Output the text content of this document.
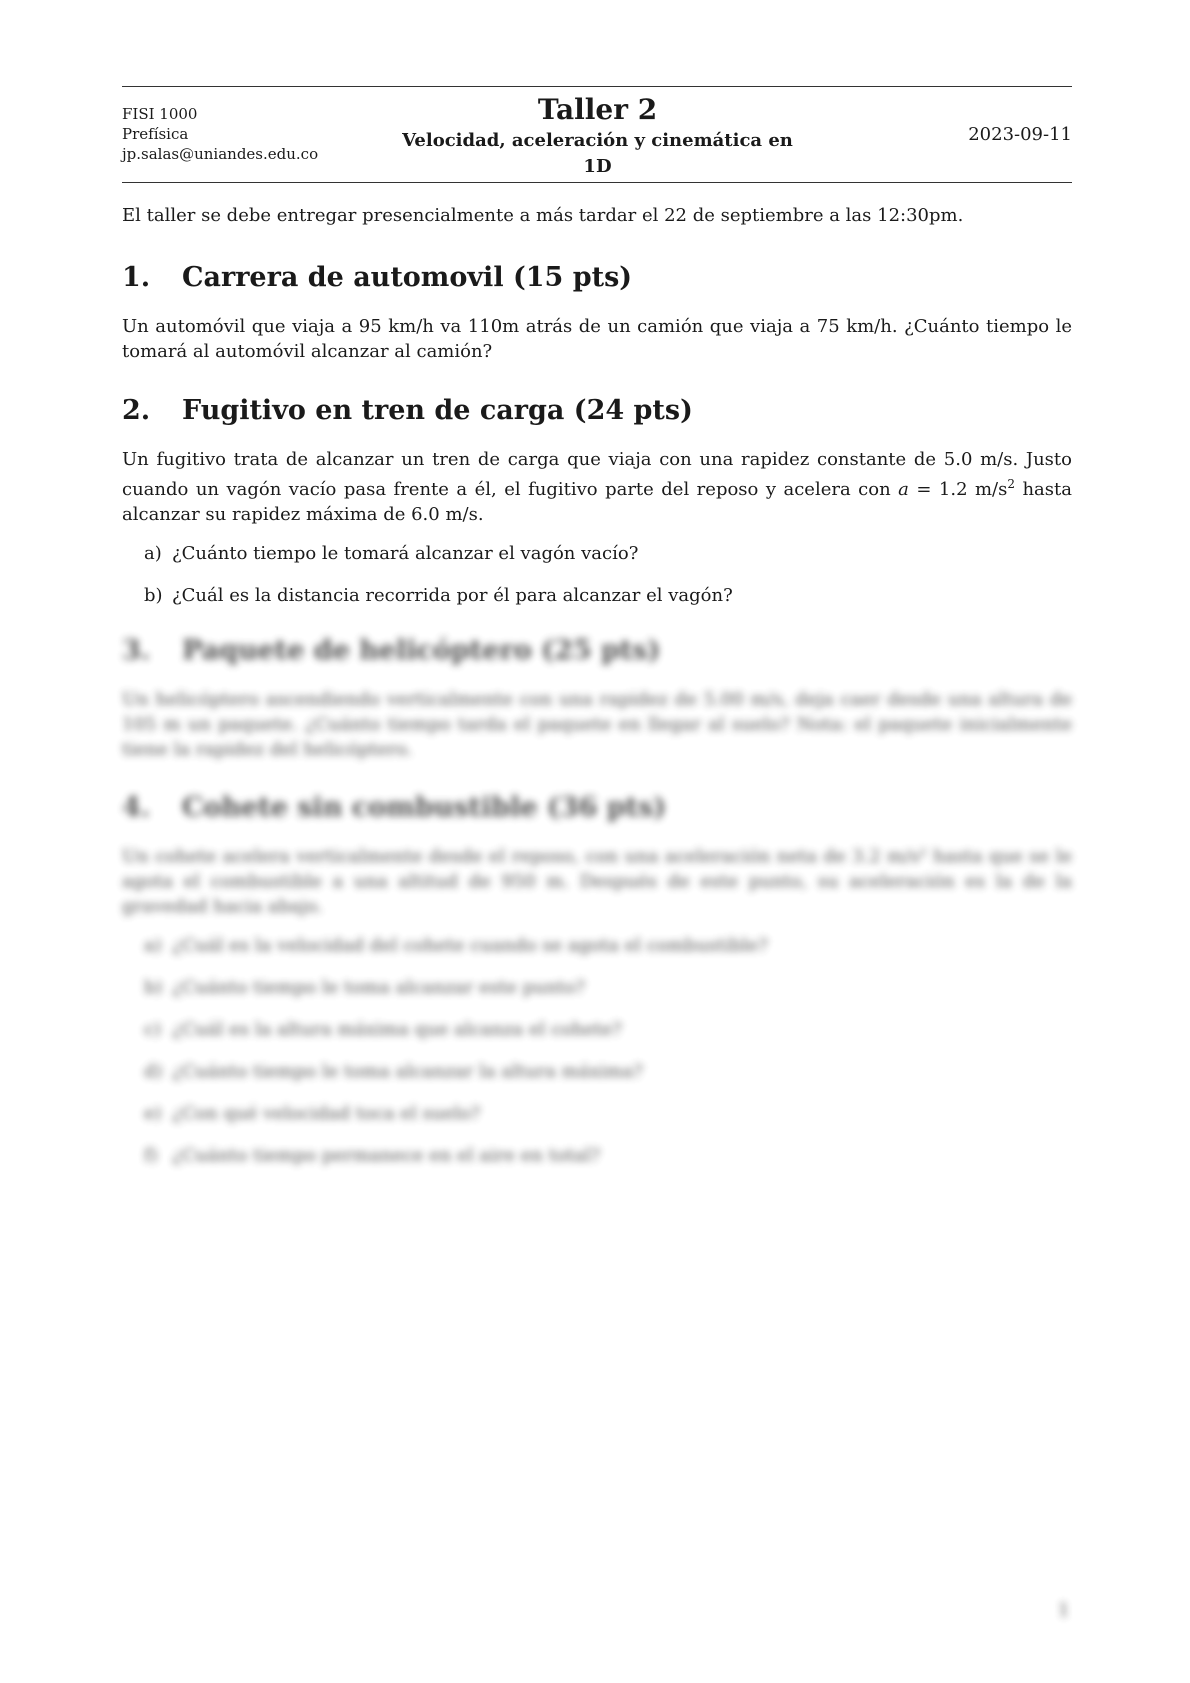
FISI 1000
Prefísica
jp.salas@uniandes.edu.co
Taller 2
Velocidad, aceleración y cinemática en
1D
2023-09-11
El taller se debe entregar presencialmente a más tardar el 22 de septiembre a las 12:30pm.
1. Carrera de automovil (15 pts)
Un automóvil que viaja a 95 km/h va 110m atrás de un camión que viaja a 75 km/h. ¿Cuánto tiempo le tomará al automóvil alcanzar al camión?
2. Fugitivo en tren de carga (24 pts)
Un fugitivo trata de alcanzar un tren de carga que viaja con una rapidez constante de 5.0 m/s. Justo cuando un vagón vacío pasa frente a él, el fugitivo parte del reposo y acelera con a = 1.2 $m/s^2$ hasta alcanzar su rapidez máxima de 6.0 m/s.
a) ¿Cuánto tiempo le tomará alcanzar el vagón vacío?
b) ¿Cuál es la distancia recorrida por él para alcanzar el vagón?
3. Paquete de helicóptero (25 pts)
Un helicóptero ascendiendo verticalmente con una rapidez de 5.00 m/s, deja caer desde una altura de 105 m un paquete. ¿Cuánto tiempo tarda el paquete en llegar al suelo? Nota: el paquete inicialmente tiene la rapidez del helicóptero.
4. Cohete sin combustible (36 pts)
Un cohete acelera verticalmente desde el reposo, con una aceleración neta de 3.2 m/s² hasta que se le agota el combustible a una altitud de 950 m. Después de este punto, su aceleración es la de la gravedad hacia abajo.
a) ¿Cuál es la velocidad del cohete cuando se agota el combustible?
b) ¿Cuánto tiempo le toma alcanzar este punto?
c) ¿Cuál es la altura máxima que alcanza el cohete?
d) ¿Cuánto tiempo le toma alcanzar la altura máxima?
e) ¿Con qué velocidad toca el suelo?
f) ¿Cuánto tiempo permanece en el aire en total?
1
